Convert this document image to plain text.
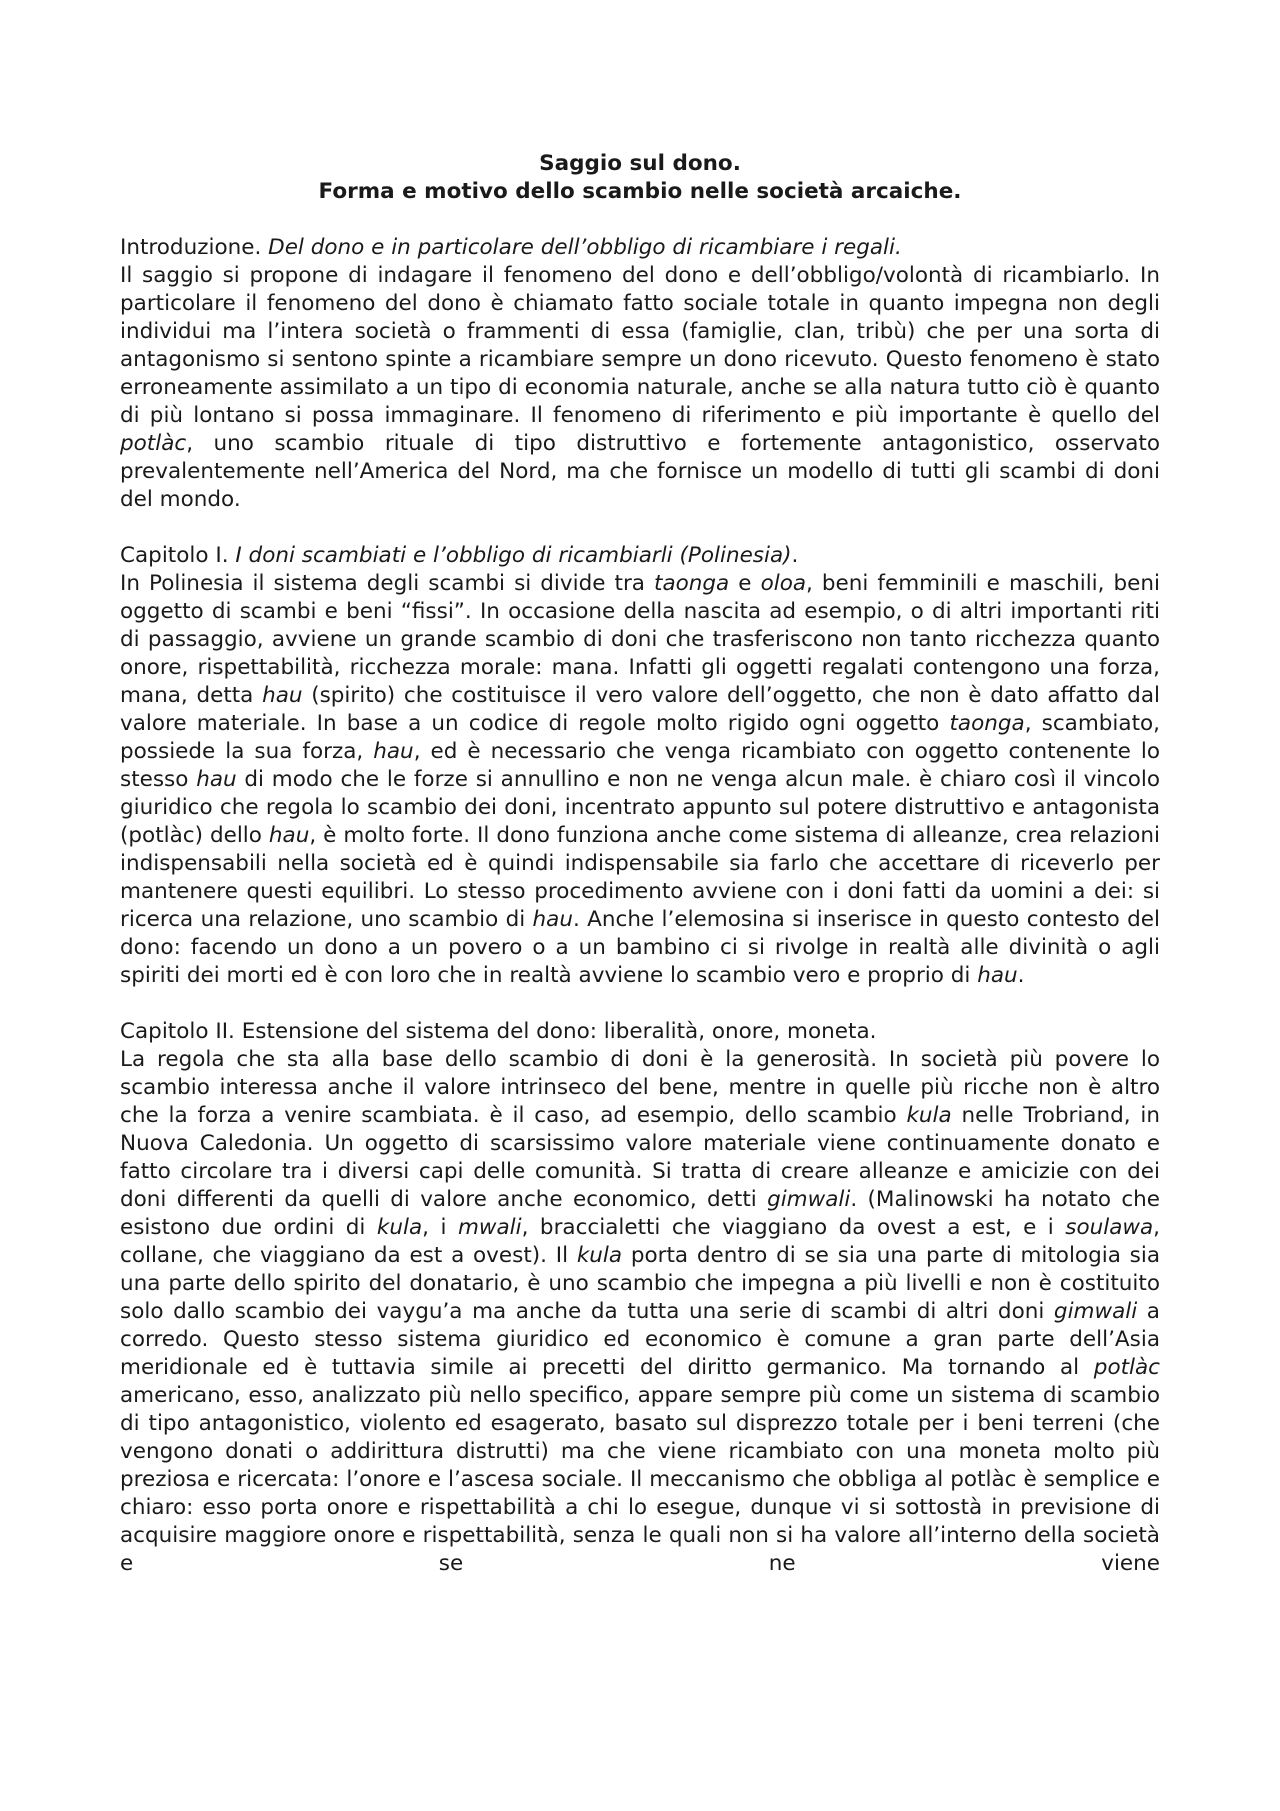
Saggio sul dono.

Forma e motivo dello scambio nelle società arcaiche.

Introduzione. Del dono e in particolare dell’obbligo di ricambiare i regali.

Il saggio si propone di indagare il fenomeno del dono e dell’obbligo/volontà di ricambiarlo. In particolare il fenomeno del dono è chiamato fatto sociale totale in quanto impegna non degli individui ma l’intera società o frammenti di essa (famiglie, clan, tribù) che per una sorta di antagonismo si sentono spinte a ricambiare sempre un dono ricevuto. Questo fenomeno è stato erroneamente assimilato a un tipo di economia naturale, anche se alla natura tutto ciò è quanto di più lontano si possa immaginare. Il fenomeno di riferimento e più importante è quello del potlàc, uno scambio rituale di tipo distruttivo e fortemente antagonistico, osservato prevalentemente nell’America del Nord, ma che fornisce un modello di tutti gli scambi di doni del mondo.

Capitolo I. I doni scambiati e l’obbligo di ricambiarli (Polinesia).

In Polinesia il sistema degli scambi si divide tra taonga e oloa, beni femminili e maschili, beni oggetto di scambi e beni “fissi”. In occasione della nascita ad esempio, o di altri importanti riti di passaggio, avviene un grande scambio di doni che trasferiscono non tanto ricchezza quanto onore, rispettabilità, ricchezza morale: mana. Infatti gli oggetti regalati contengono una forza, mana, detta hau (spirito) che costituisce il vero valore dell’oggetto, che non è dato affatto dal valore materiale. In base a un codice di regole molto rigido ogni oggetto taonga, scambiato, possiede la sua forza, hau, ed è necessario che venga ricambiato con oggetto contenente lo stesso hau di modo che le forze si annullino e non ne venga alcun male. è chiaro così il vincolo giuridico che regola lo scambio dei doni, incentrato appunto sul potere distruttivo e antagonista (potlàc) dello hau, è molto forte. Il dono funziona anche come sistema di alleanze, crea relazioni indispensabili nella società ed è quindi indispensabile sia farlo che accettare di riceverlo per mantenere questi equilibri. Lo stesso procedimento avviene con i doni fatti da uomini a dei: si ricerca una relazione, uno scambio di hau. Anche l’elemosina si inserisce in questo contesto del dono: facendo un dono a un povero o a un bambino ci si rivolge in realtà alle divinità o agli spiriti dei morti ed è con loro che in realtà avviene lo scambio vero e proprio di hau.

Capitolo II. Estensione del sistema del dono: liberalità, onore, moneta.

La regola che sta alla base dello scambio di doni è la generosità. In società più povere lo scambio interessa anche il valore intrinseco del bene, mentre in quelle più ricche non è altro che la forza a venire scambiata. è il caso, ad esempio, dello scambio kula nelle Trobriand, in Nuova Caledonia. Un oggetto di scarsissimo valore materiale viene continuamente donato e fatto circolare tra i diversi capi delle comunità. Si tratta di creare alleanze e amicizie con dei doni differenti da quelli di valore anche economico, detti gimwali. (Malinowski ha notato che esistono due ordini di kula, i mwali, braccialetti che viaggiano da ovest a est, e i soulawa, collane, che viaggiano da est a ovest). Il kula porta dentro di se sia una parte di mitologia sia una parte dello spirito del donatario, è uno scambio che impegna a più livelli e non è costituito solo dallo scambio dei vaygu’a ma anche da tutta una serie di scambi di altri doni gimwali a corredo. Questo stesso sistema giuridico ed economico è comune a gran parte dell’Asia meridionale ed è tuttavia simile ai precetti del diritto germanico. Ma tornando al potlàc americano, esso, analizzato più nello specifico, appare sempre più come un sistema di scambio di tipo antagonistico, violento ed esagerato, basato sul disprezzo totale per i beni terreni (che vengono donati o addirittura distrutti) ma che viene ricambiato con una moneta molto più preziosa e ricercata: l’onore e l’ascesa sociale. Il meccanismo che obbliga al potlàc è semplice e chiaro: esso porta onore e rispettabilità a chi lo esegue, dunque vi si sottostà in previsione di acquisire maggiore onore e rispettabilità, senza le quali non si ha valore all’interno della società e se ne viene
